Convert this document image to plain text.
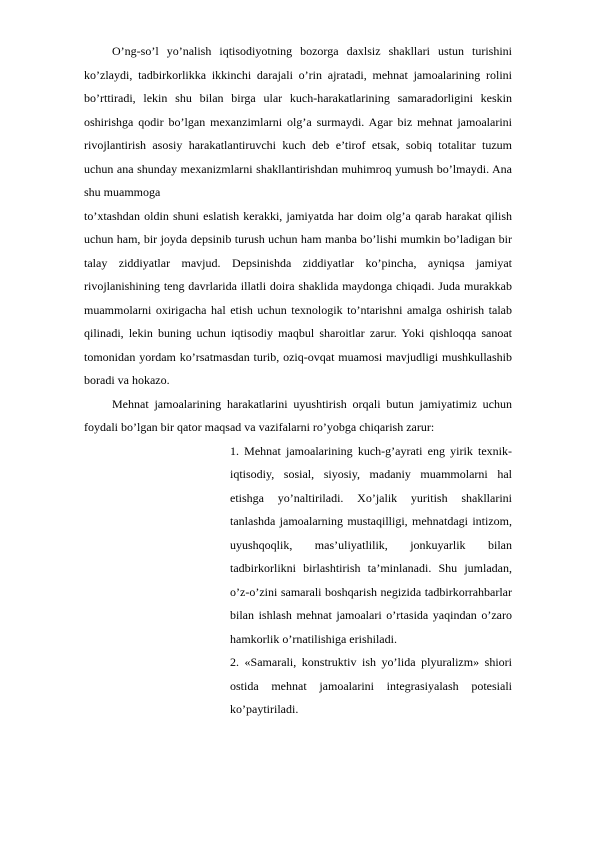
O’ng-so’l yo’nalish iqtisodiyotning bozorga daxlsiz shakllari ustun turishini ko’zlaydi, tadbirkorlikka ikkinchi darajali o’rin ajratadi, mehnat jamoalarining rolini bo’rttiradi, lekin shu bilan birga ular kuch-harakatlarining samaradorligini keskin oshirishga qodir bo’lgan mexanzimlarni olg’a surmaydi. Agar biz mehnat jamoalarini rivojlantirish asosiy harakatlantiruvchi kuch deb e’tirof etsak, sobiq totalitar tuzum uchun ana shunday mexanizmlarni shakllantirishdan muhimroq yumush bo’lmaydi. Ana shu muammoga

to’xtashdan oldin shuni eslatish kerakki, jamiyatda har doim olg’a qarab harakat qilish uchun ham, bir joyda depsinib turush uchun ham manba bo’lishi mumkin bo’ladigan bir talay ziddiyatlar mavjud. Depsinishda ziddiyatlar ko’pincha, ayniqsa jamiyat rivojlanishining teng davrlarida illatli doira shaklida maydonga chiqadi. Juda murakkab muammolarni oxirigacha hal etish uchun texnologik to’ntarishni amalga oshirish talab qilinadi, lekin buning uchun iqtisodiy maqbul sharoitlar zarur. Yoki qishloqqa sanoat tomonidan yordam ko’rsatmasdan turib, oziq-ovqat muamosi mavjudligi mushkullashib boradi va hokazo.

Mehnat jamoalarining harakatlarini uyushtirish orqali butun jamiyatimiz uchun foydali bo’lgan bir qator maqsad va vazifalarni ro’yobga chiqarish zarur:

1. Mehnat jamoalarining kuch-g’ayrati eng yirik texnik-iqtisodiy, sosial, siyosiy, madaniy muammolarni hal etishga yo’naltiriladi. Xo’jalik yuritish shakllarini tanlashda jamoalarning mustaqilligi, mehnatdagi intizom, uyushqoqlik, mas’uliyatlilik, jonkuyarlik bilan tadbirkorlikni birlashtirish ta’minlanadi. Shu jumladan, o’z-o’zini samarali boshqarish negizida tadbirkorrahbarlar bilan ishlash mehnat jamoalari o’rtasida yaqindan o’zaro hamkorlik o’rnatilishiga erishiladi.
2. «Samarali, konstruktiv ish yo’lida plyuralizm» shiori ostida mehnat jamoalarini integrasiyalash potesiali ko’paytiriladi.
